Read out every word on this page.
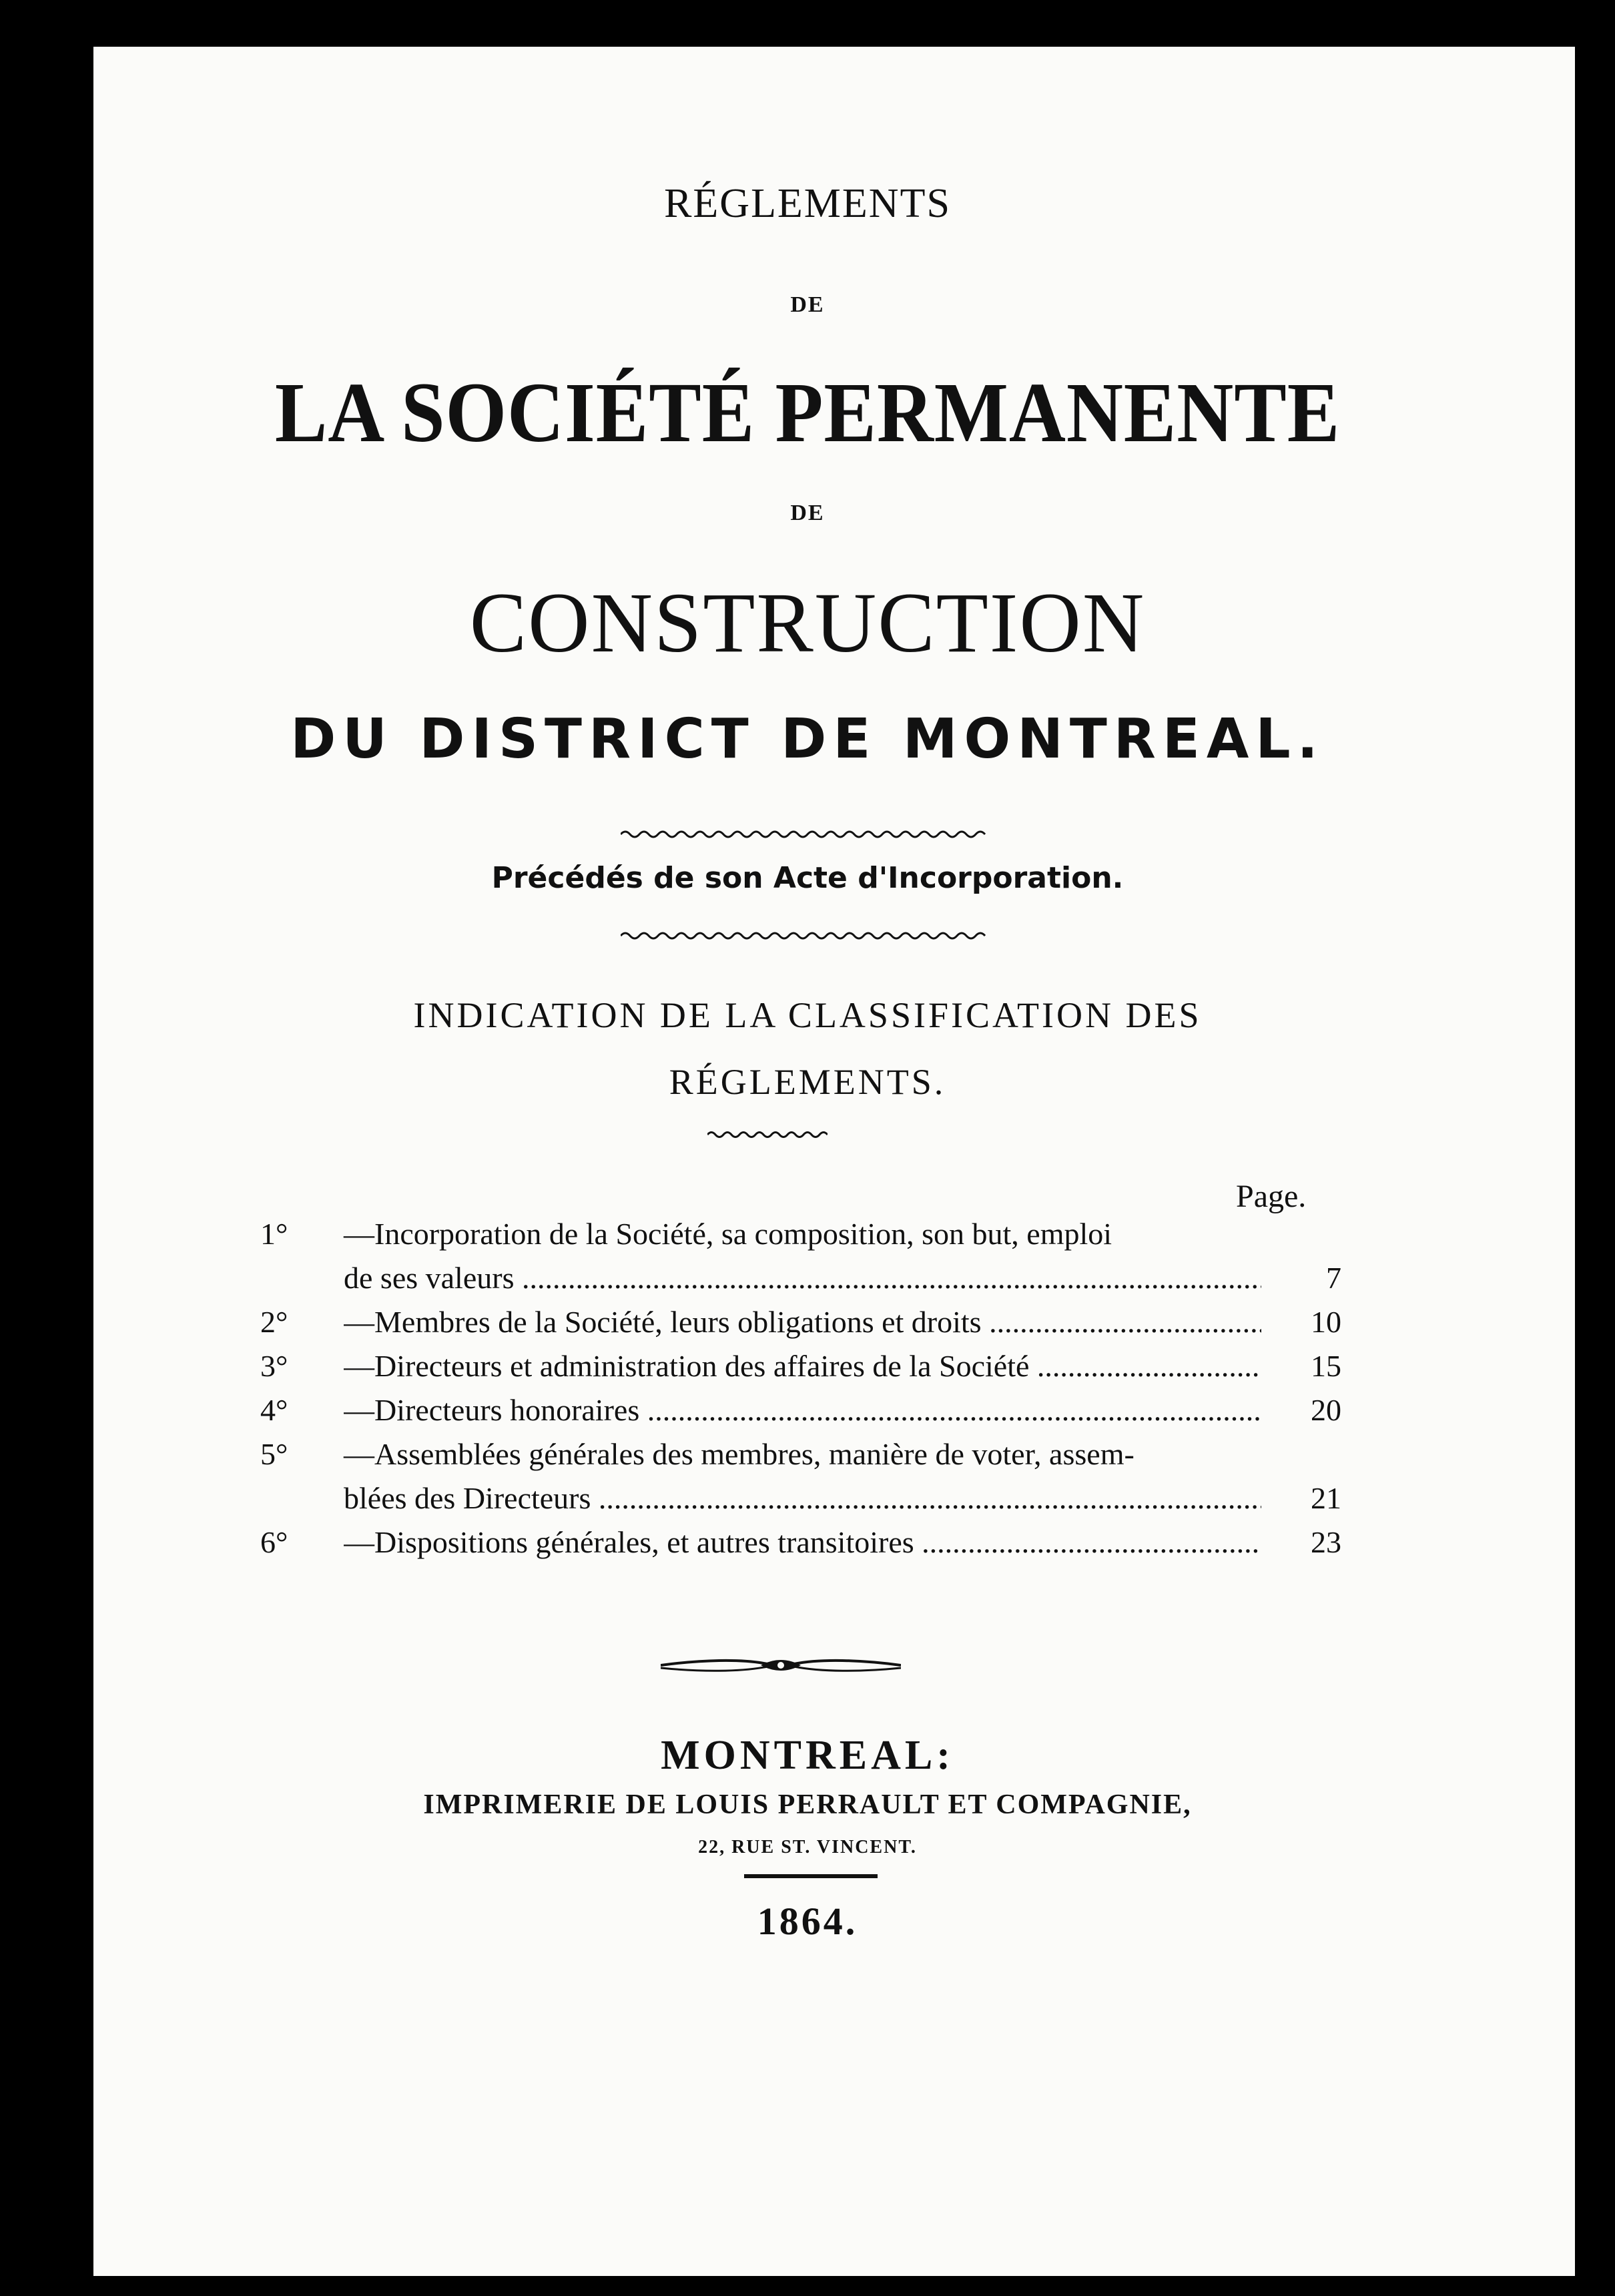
RÉGLEMENTS
DE
LA SOCIÉTÉ PERMANENTE
DE
CONSTRUCTION
DU DISTRICT DE MONTREAL.
Précédés de son Acte d'Incorporation.
INDICATION DE LA CLASSIFICATION DES
RÉGLEMENTS.
Page.
1° —Incorporation de la Société, sa composition, son but, emploi
de ses valeurs .....	7
2° —Membres de la Société, leurs obligations et droits .....	10
3° —Directeurs et administration des affaires de la Société .....	15
4° —Directeurs honoraires .....	20
5° —Assemblées générales des membres, manière de voter, assem-
blées des Directeurs .....	21
6° —Dispositions générales, et autres transitoires .....	23
MONTREAL:
IMPRIMERIE DE LOUIS PERRAULT ET COMPAGNIE,
22, RUE ST. VINCENT.
1864.
